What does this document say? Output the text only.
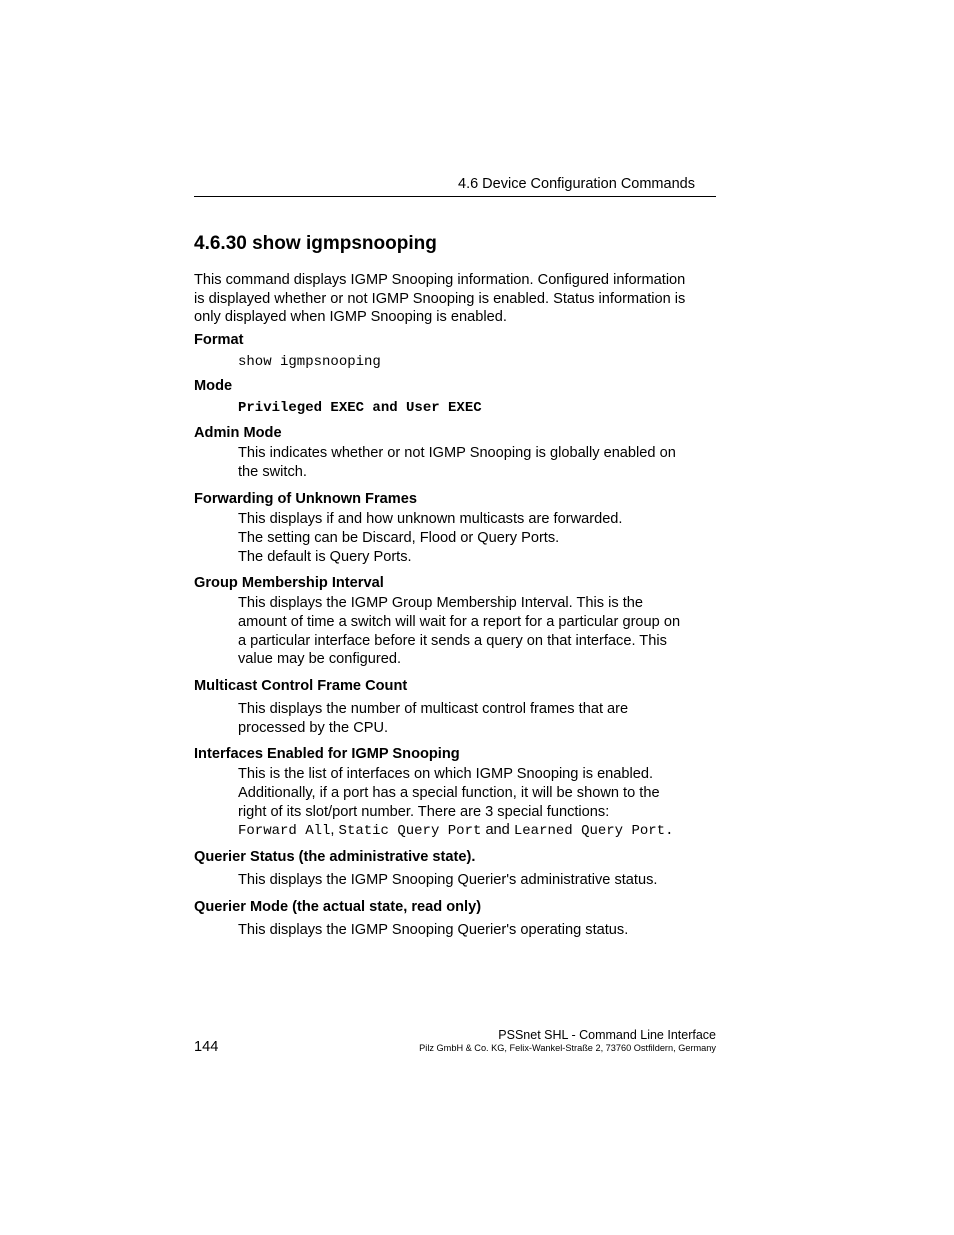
4.6 Device Configuration Commands
4.6.30 show igmpsnooping
This command displays IGMP Snooping information. Configured information
is displayed whether or not IGMP Snooping is enabled. Status information is
only displayed when IGMP Snooping is enabled.
Format
show igmpsnooping
Mode
Privileged EXEC and User EXEC
Admin Mode
This indicates whether or not IGMP Snooping is globally enabled on
the switch.
Forwarding of Unknown Frames
This displays if and how unknown multicasts are forwarded.
The setting can be Discard, Flood or Query Ports.
The default is Query Ports.
Group Membership Interval
This displays the IGMP Group Membership Interval. This is the
amount of time a switch will wait for a report for a particular group on
a particular interface before it sends a query on that interface. This
value may be configured.
Multicast Control Frame Count
This displays the number of multicast control frames that are
processed by the CPU.
Interfaces Enabled for IGMP Snooping
This is the list of interfaces on which IGMP Snooping is enabled.
Additionally, if a port has a special function, it will be shown to the
right of its slot/port number. There are 3 special functions:
Forward All, Static Query Port and Learned Query Port.
Querier Status (the administrative state).
This displays the IGMP Snooping Querier's administrative status.
Querier Mode (the actual state, read only)
This displays the IGMP Snooping Querier's operating status.
PSSnet SHL - Command Line Interface
Pilz GmbH & Co. KG, Felix-Wankel-Straße 2, 73760 Ostfildern, Germany
144
